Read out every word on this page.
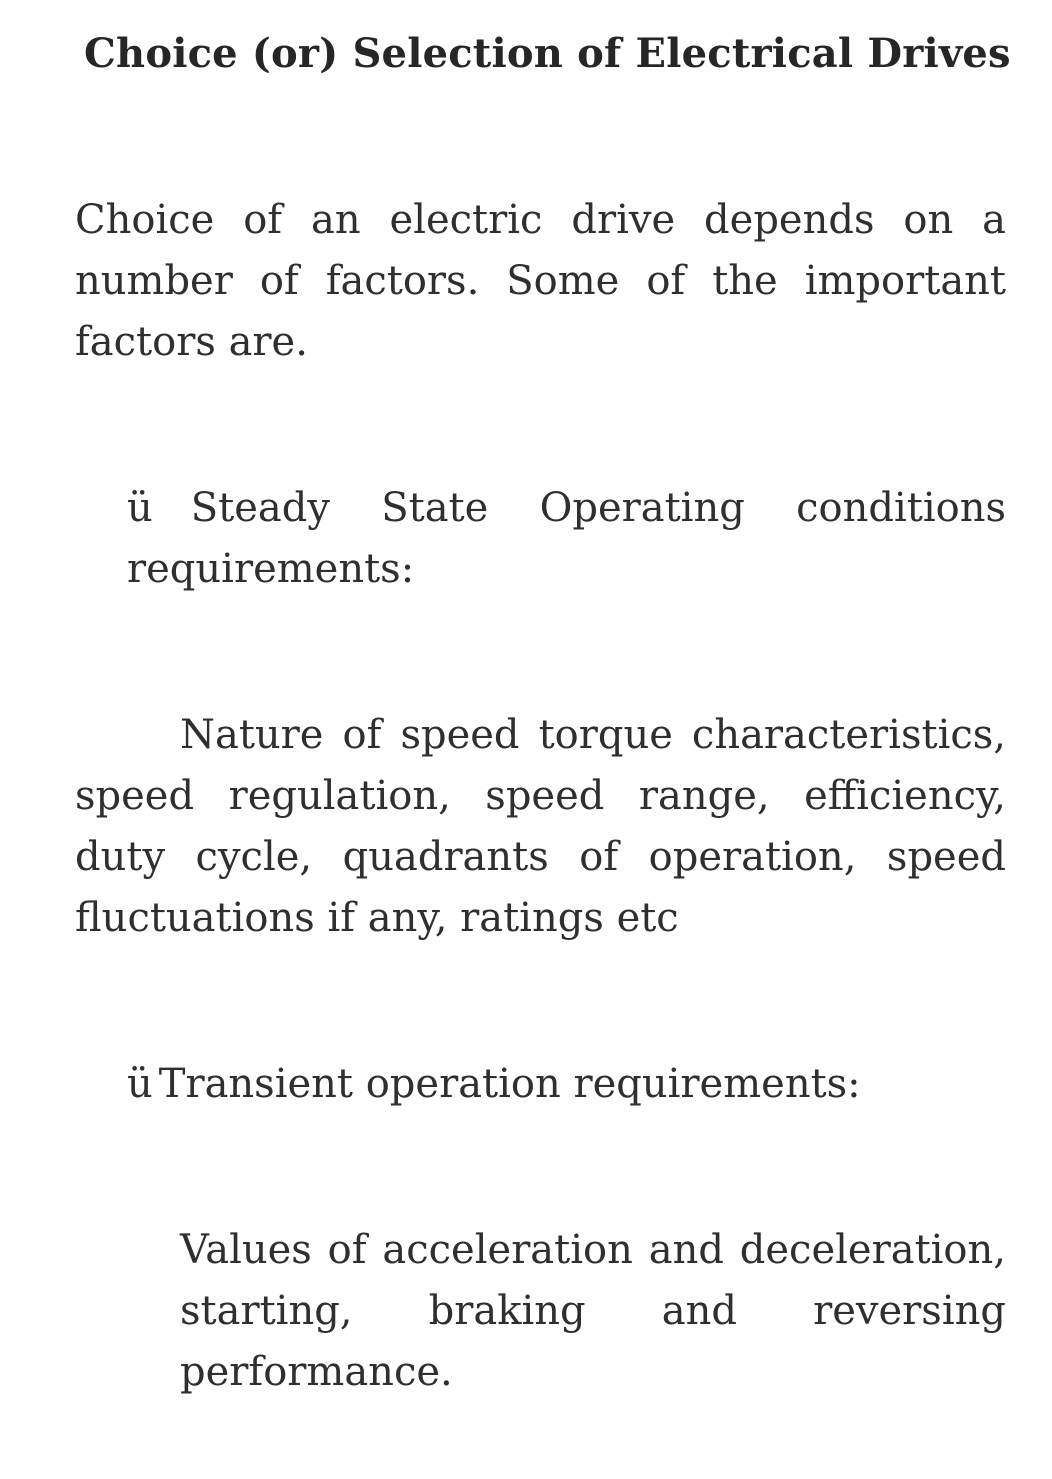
Choice (or) Selection of Electrical Drives

Choice of an electric drive depends on a number of factors. Some of the important factors are.

ü Steady State Operating conditions requirements:

Nature of speed torque characteristics, speed regulation, speed range, efficiency, duty cycle, quadrants of operation, speed fluctuations if any, ratings etc

ü Transient operation requirements:

Values of acceleration and deceleration, starting, braking and reversing performance.
